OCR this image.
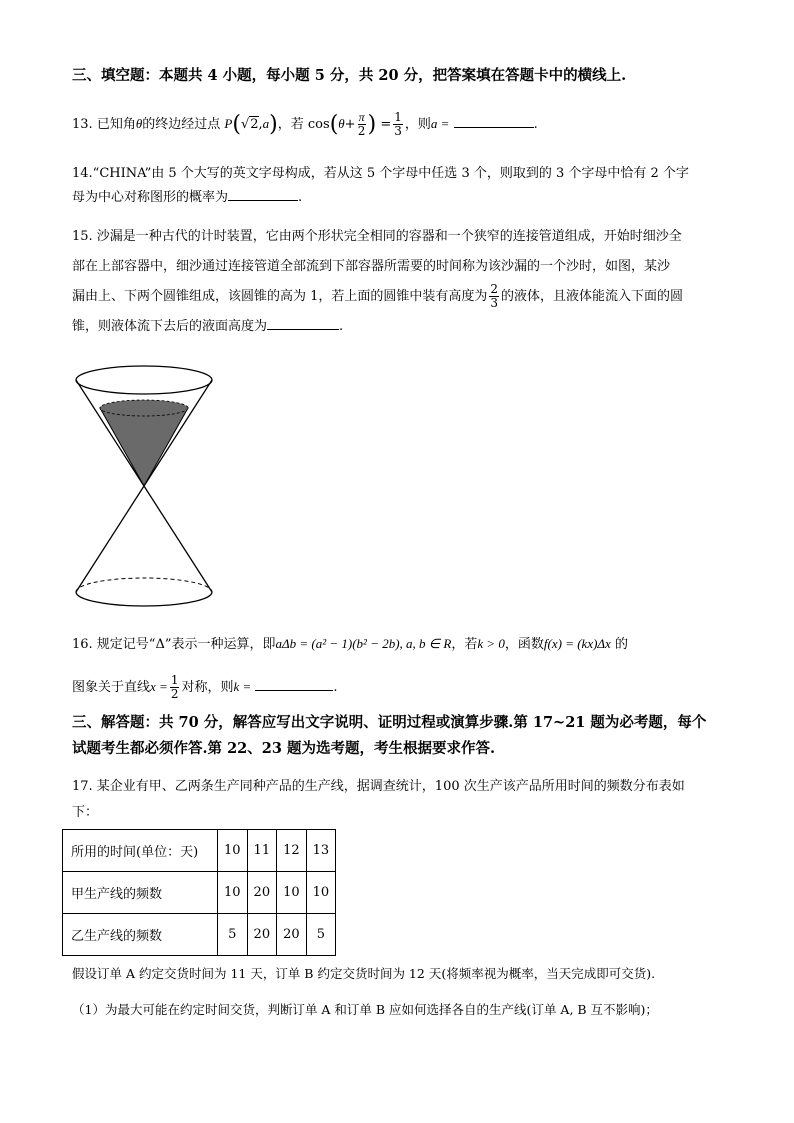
三、填空题：本题共 4 小题，每小题 5 分，共 20 分，把答案填在答题卡中的横线上.
13. 已知角θ的终边经过点 P(√2,a)，若 $\cos(\theta+ \frac{\pi}{2}$ ) = $\frac{1}{3}$ ，则a =	.
14.“CHINA”由 5 个大写的英文字母构成，若从这 5 个字母中任选 3 个，则取到的 3 个字母中恰有 2 个字
母为中心对称图形的概率为	.
15. 沙漏是一种古代的计时装置，它由两个形状完全相同的容器和一个狭窄的连接管道组成，开始时细沙全
部在上部容器中，细沙通过连接管道全部流到下部容器所需要的时间称为该沙漏的一个沙时，如图，某沙
漏由上、下两个圆锥组成，该圆锥的高为 1，若上面的圆锥中装有高度为 $\frac{2}{3}$ 的液体，且液体能流入下面的圆
锥，则液体流下去后的液面高度为	.
16. 规定记号“Δ”表示一种运算，即aΔb = (a² − 1)(b² − 2b), a, b ∈ R，若k > 0，函数f(x) = (kx)Δx 的
图象关于直线$x = \frac{1}{2}$ 对称，则k =	.
三、解答题：共 70 分，解答应写出文字说明、证明过程或演算步骤.第 17~21 题为必考题，每个
试题考生都必须作答.第 22、23 题为选考题，考生根据要求作答.
17. 某企业有甲、乙两条生产同种产品的生产线，据调查统计，100 次生产该产品所用时间的频数分布表如
下：
所用的时间(单位：天)	10	11	12	13
甲生产线的频数	10	20	10	10
乙生产线的频数	5	20	20	5
假设订单 A 约定交货时间为 11 天，订单 B 约定交货时间为 12 天(将频率视为概率，当天完成即可交货).
（1）为最大可能在约定时间交货，判断订单 A 和订单 B 应如何选择各自的生产线(订单 A, B 互不影响)；
